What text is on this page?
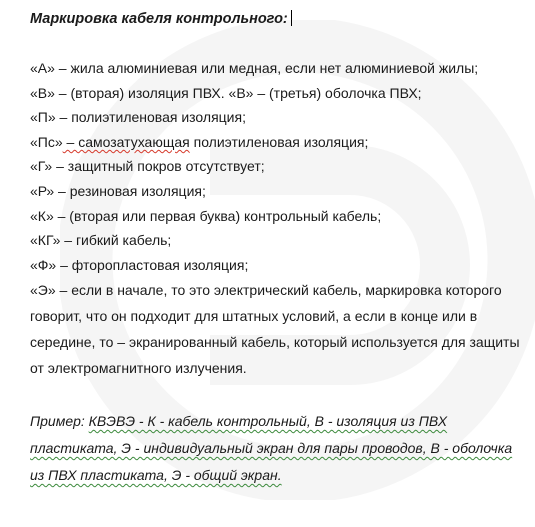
Маркировка кабеля контрольного:

«А» – жила алюминиевая или медная, если нет алюминиевой жилы;
«В» – (вторая) изоляция ПВХ. «В» – (третья) оболочка ПВХ;
«П» – полиэтиленовая изоляция;
«Пс» – самозатухающая полиэтиленовая изоляция;
«Г» – защитный покров отсутствует;
«Р» – резиновая изоляция;
«К» – (вторая или первая буква) контрольный кабель;
«КГ» – гибкий кабель;
«Ф» – фторопластовая изоляция;
«Э» – если в начале, то это электрический кабель, маркировка которого говорит, что он подходит для штатных условий, а если в конце или в середине, то – экранированный кабель, который используется для защиты от электромагнитного излучения.
Пример: КВЭВЭ - К - кабель контрольный, В - изоляция из ПВХ пластиката, Э - индивидуальный экран для пары проводов, В - оболочка из ПВХ пластиката, Э - общий экран.
